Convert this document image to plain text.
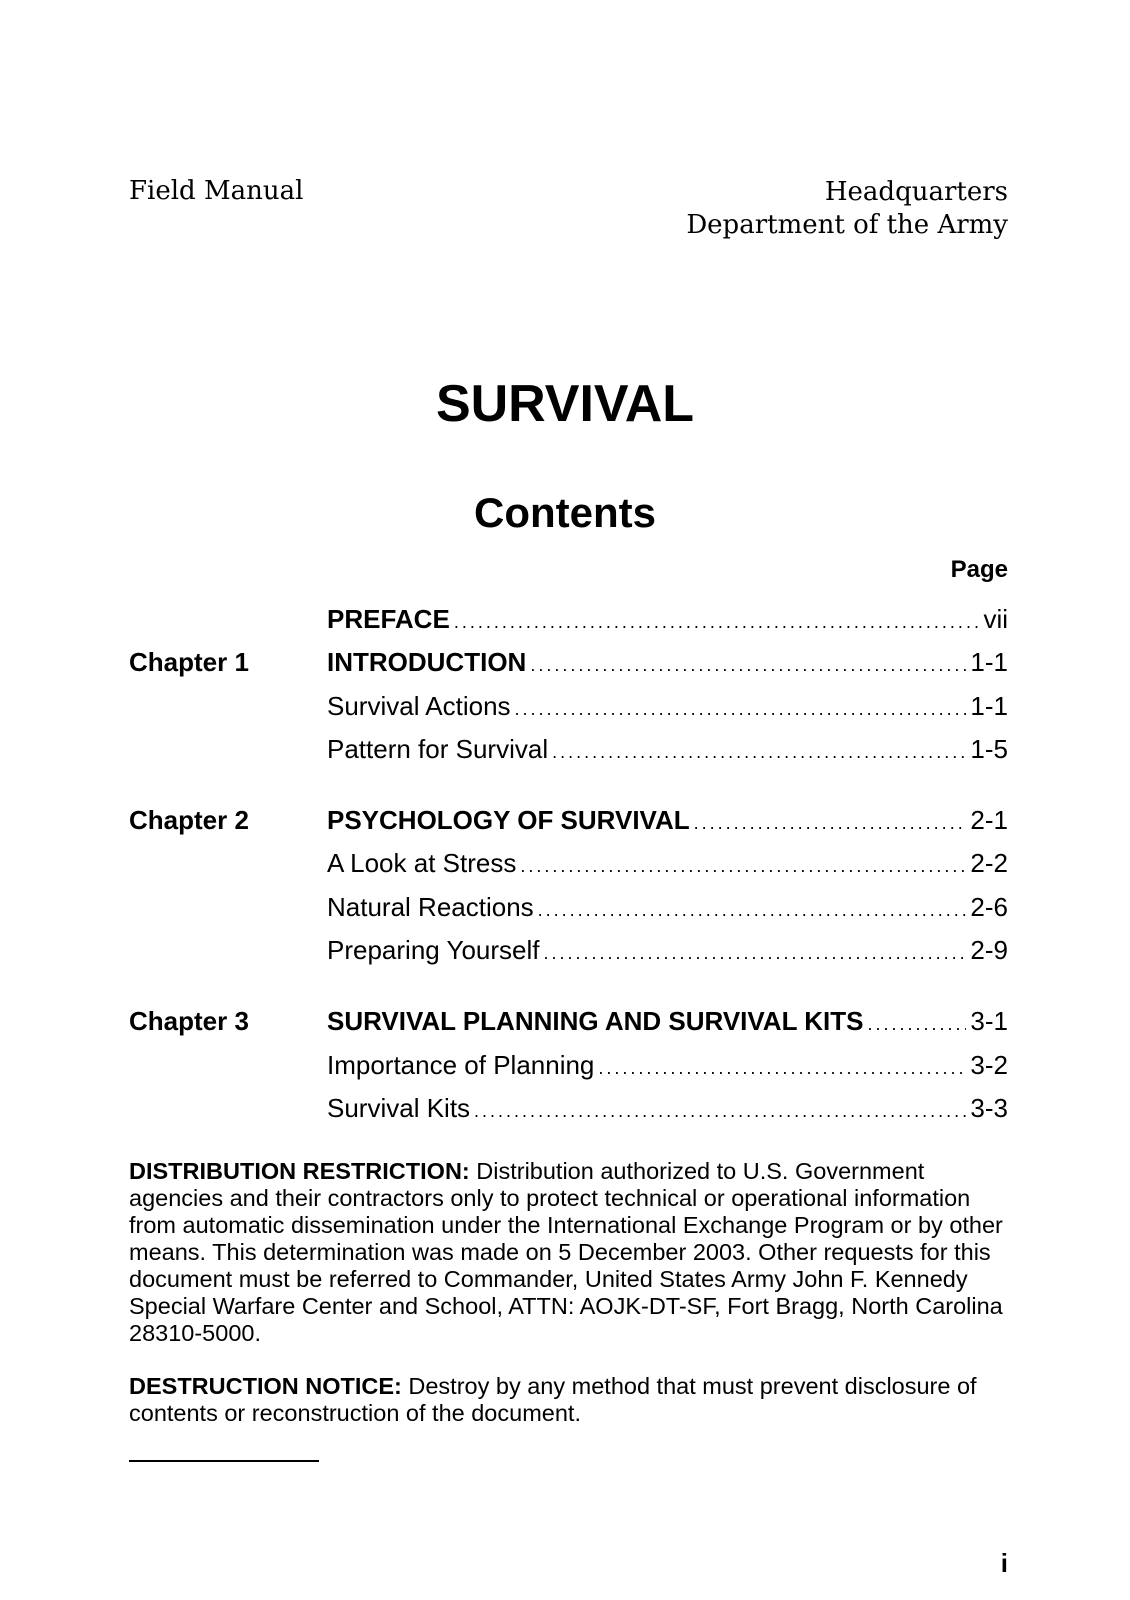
Field Manual	Headquarters
Department of the Army
SURVIVAL
Contents
Page
PREFACE . . .	vii
Chapter 1	INTRODUCTION . . .	1-1
Survival Actions . . .	1-1
Pattern for Survival . . .	1-5
Chapter 2	PSYCHOLOGY OF SURVIVAL . . .	2-1
A Look at Stress . . .	2-2
Natural Reactions . . .	2-6
Preparing Yourself . . .	2-9
Chapter 3	SURVIVAL PLANNING AND SURVIVAL KITS . . .	3-1
Importance of Planning . . .	3-2
Survival Kits . . .	3-3
DISTRIBUTION RESTRICTION: Distribution authorized to U.S. Government agencies and their contractors only to protect technical or operational information from automatic dissemination under the International Exchange Program or by other means. This determination was made on 5 December 2003. Other requests for this document must be referred to Commander, United States Army John F. Kennedy Special Warfare Center and School, ATTN: AOJK-DT-SF, Fort Bragg, North Carolina 28310-5000.
DESTRUCTION NOTICE: Destroy by any method that must prevent disclosure of contents or reconstruction of the document.
i
